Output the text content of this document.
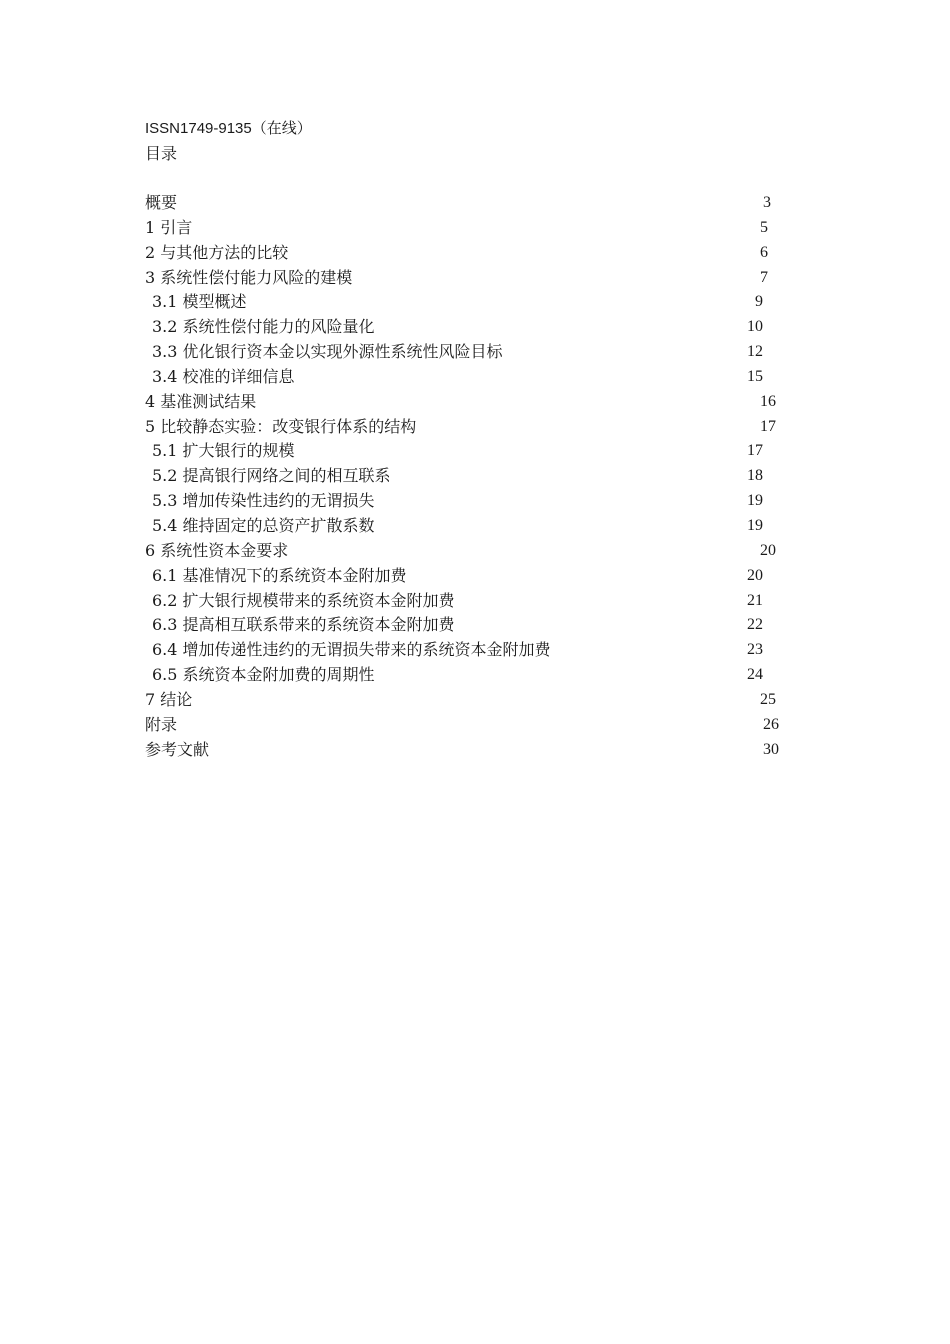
ISSN1749-9135（在线）
目录
概要	3
1 引言	5
2 与其他方法的比较	6
3 系统性偿付能力风险的建模	7
3.1 模型概述	9
3.2 系统性偿付能力的风险量化	10
3.3 优化银行资本金以实现外源性系统性风险目标	12
3.4 校准的详细信息	15
4 基准测试结果	16
5 比较静态实验：改变银行体系的结构	17
5.1 扩大银行的规模	17
5.2 提高银行网络之间的相互联系	18
5.3 增加传染性违约的无谓损失	19
5.4 维持固定的总资产扩散系数	19
6 系统性资本金要求	20
6.1 基准情况下的系统资本金附加费	20
6.2 扩大银行规模带来的系统资本金附加费	21
6.3 提高相互联系带来的系统资本金附加费	22
6.4 增加传递性违约的无谓损失带来的系统资本金附加费	23
6.5 系统资本金附加费的周期性	24
7 结论	25
附录	26
参考文献	30
